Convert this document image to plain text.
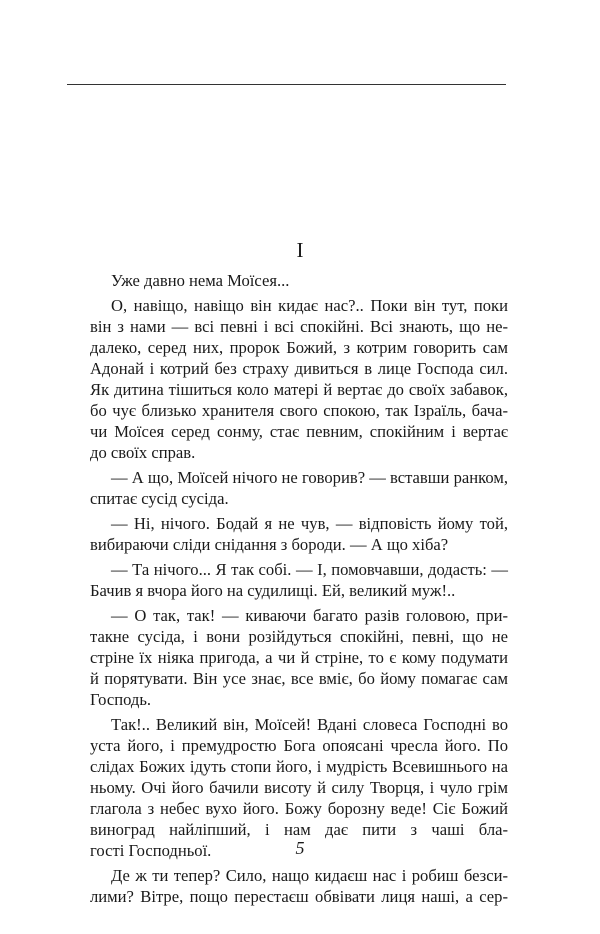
I
Уже давно нема Моїсея...
О, навіщо, навіщо він кидає нас?.. Поки він тут, поки
він з нами — всі певні і всі спокійні. Всі знають, що не-
далеко, серед них, пророк Божий, з котрим говорить сам
Адонай і котрий без страху дивиться в лице Господа сил.
Як дитина тішиться коло матері й вертає до своїх забавок,
бо чує близько хранителя свого спокою, так Ізраїль, бача-
чи Моїсея серед сонму, стає певним, спокійним і вертає
до своїх справ.
— А що, Моїсей нічого не говорив? — вставши ранком,
спитає сусід сусіда.
— Ні, нічого. Бодай я не чув, — відповість йому той,
вибираючи сліди снідання з бороди. — А що хіба?
— Та нічого... Я так собі. — І, помовчавши, додасть: —
Бачив я вчора його на судилищі. Ей, великий муж!..
— О так, так! — киваючи багато разів головою, при-
такне сусіда, і вони розійдуться спокійні, певні, що не
стріне їх ніяка пригода, а чи й стріне, то є кому подумати
й порятувати. Він усе знає, все вміє, бо йому помагає сам
Господь.
Так!.. Великий він, Моїсей! Вдані словеса Господні во
уста його, і премудростю Бога опоясані чресла його. По
слідах Божих ідуть стопи його, і мудрість Всевишнього на
ньому. Очі його бачили висоту й силу Творця, і чуло грім
глагола з небес вухо його. Божу борозну веде! Сіє Божий
виноград найліпший, і нам дає пити з чаші бла-
гості Господньої.
Де ж ти тепер? Сило, нащо кидаєш нас і робиш безси-
лими? Вітре, пощо перестаєш обвівати лиця наші, а сер-
5
